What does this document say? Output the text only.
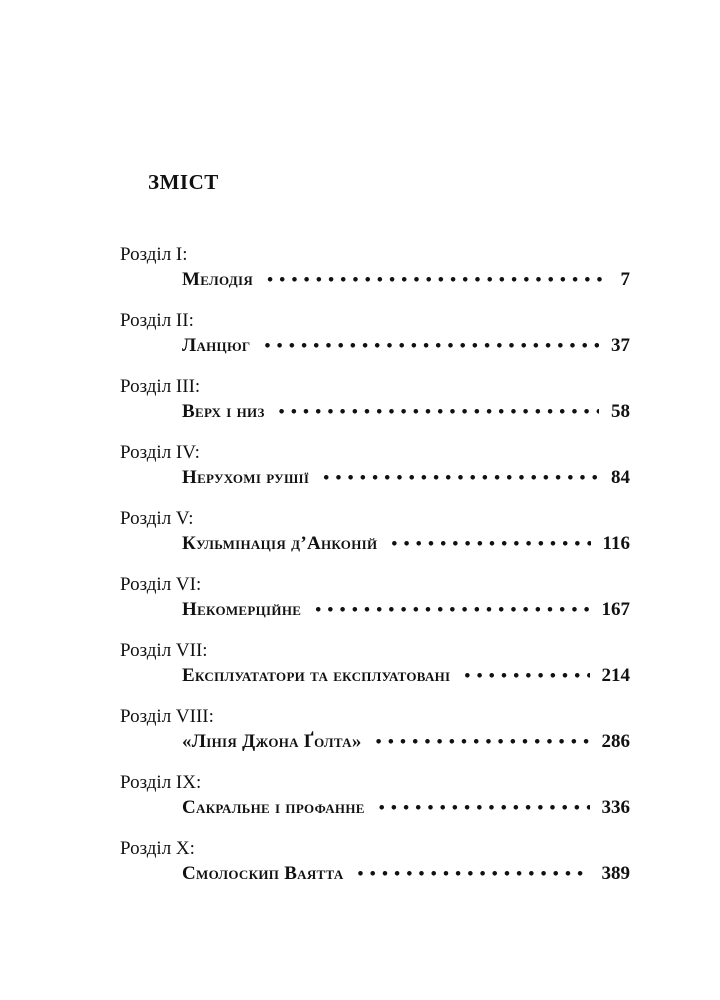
ЗМІСТ
Розділ I:
Мелодія • • •	7
Розділ II:
Ланцюг • • •	37
Розділ III:
Верх і низ • • •	58
Розділ IV:
Нерухомі рушії • • •	84
Розділ V:
Кульмінація д’Анконій • • •	116
Розділ VI:
Некомерційне • • •	167
Розділ VII:
Експлуататори та експлуатовані • • •	214
Розділ VIII:
«Лінія Джона Ґолта» • • •	286
Розділ IX:
Сакральне і профанне • • •	336
Розділ X:
Смолоскип Ваятта • • •	389
